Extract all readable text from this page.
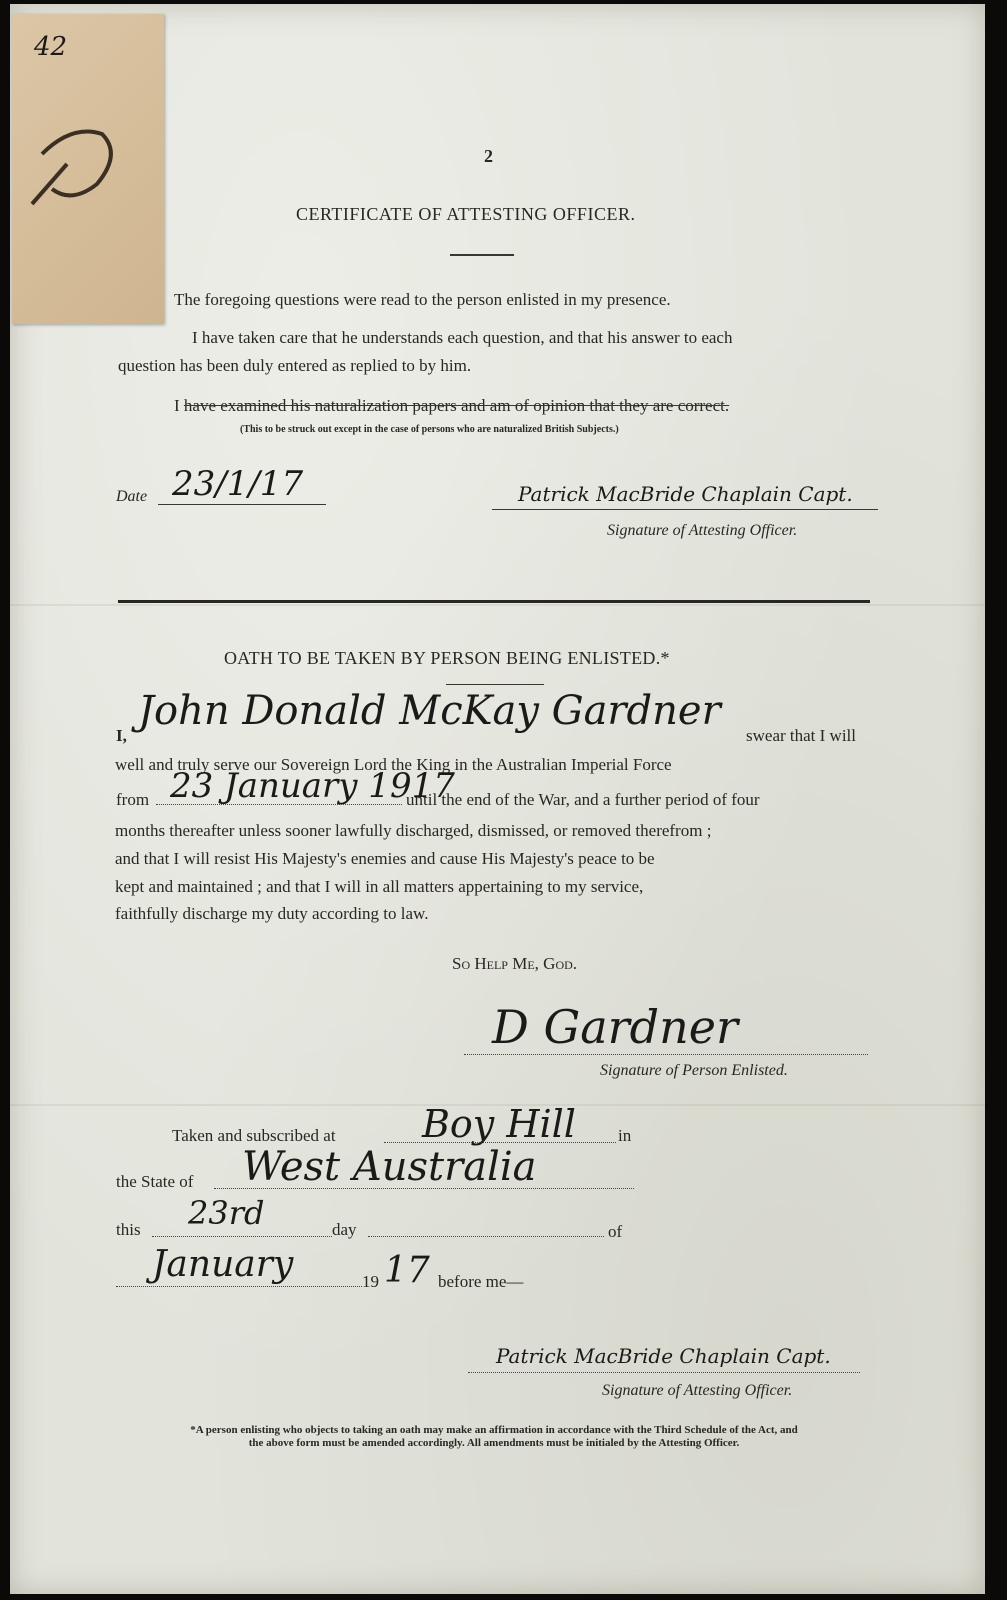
42
2
CERTIFICATE OF ATTESTING OFFICER.
The foregoing questions were read to the person enlisted in my presence.
I have taken care that he understands each question, and that his answer to each
question has been duly entered as replied to by him.
I have examined his naturalization papers and am of opinion that they are correct.
(This to be struck out except in the case of persons who are naturalized British Subjects.)
Date 23/1/17	Patrick MacBride Chaplain Capt.
Signature of Attesting Officer.
OATH TO BE TAKEN BY PERSON BEING ENLISTED.*
I,
John Donald McKay Gardner
swear that I will
well and truly serve our Sovereign Lord the King in the Australian Imperial Force
from 23 January 1917
until the end of the War, and a further period of four
months thereafter unless sooner lawfully discharged, dismissed, or removed therefrom ;
and that I will resist His Majesty's enemies and cause His Majesty's peace to be
kept and maintained ; and that I will in all matters appertaining to my service,
faithfully discharge my duty according to law.
So Help Me, God.
D Gardner
Signature of Person Enlisted.
Taken and subscribed at Boy Hill in
the State of West Australia
this 23rd	day	of
January	19 17 before me—
Patrick MacBride Chaplain Capt.
Signature of Attesting Officer.
*A person enlisting who objects to taking an oath may make an affirmation in accordance with the Third Schedule of the Act, and
the above form must be amended accordingly. All amendments must be initialed by the Attesting Officer.
